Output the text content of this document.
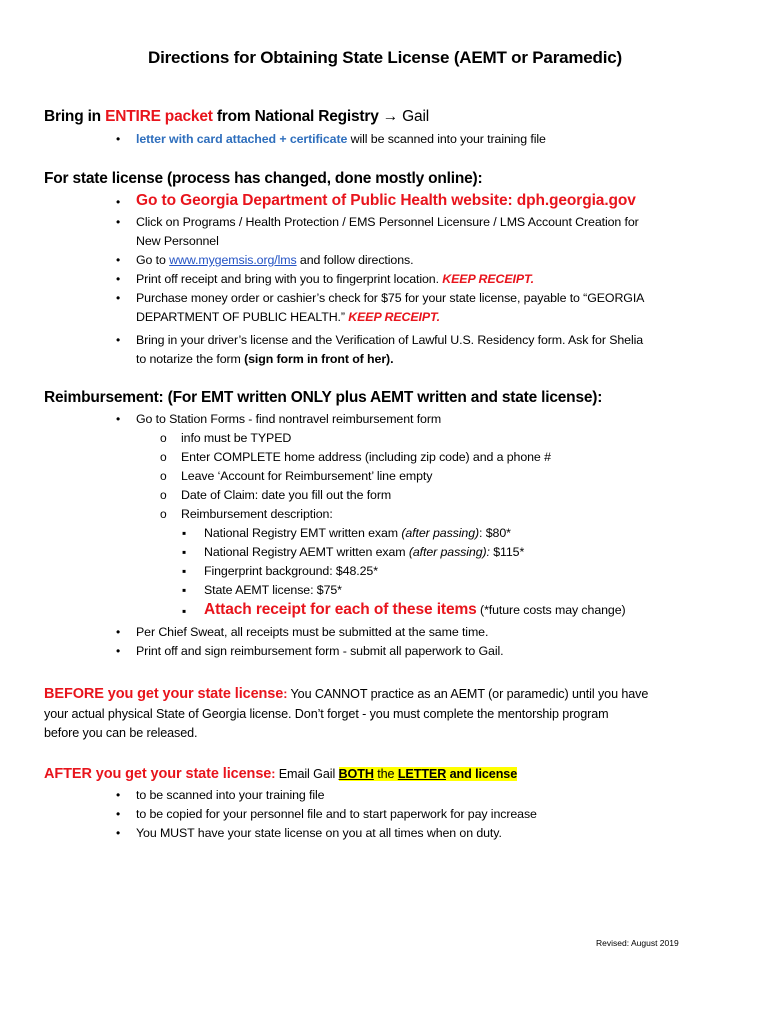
Directions for Obtaining State License (AEMT or Paramedic)
Bring in ENTIRE packet from National Registry → Gail
• letter with card attached + certificate will be scanned into your training file
For state license (process has changed, done mostly online):
• Go to Georgia Department of Public Health website: dph.georgia.gov
• Click on Programs / Health Protection / EMS Personnel Licensure / LMS Account Creation for
New Personnel
• Go to www.mygemsis.org/lms and follow directions.
• Print off receipt and bring with you to fingerprint location. KEEP RECEIPT.
• Purchase money order or cashier’s check for $75 for your state license, payable to “GEORGIA
DEPARTMENT OF PUBLIC HEALTH.” KEEP RECEIPT.
• Bring in your driver’s license and the Verification of Lawful U.S. Residency form. Ask for Shelia
to notarize the form (sign form in front of her).
Reimbursement: (For EMT written ONLY plus AEMT written and state license):
• Go to Station Forms - find nontravel reimbursement form
o info must be TYPED
o Enter COMPLETE home address (including zip code) and a phone #
o Leave ‘Account for Reimbursement’ line empty
o Date of Claim: date you fill out the form
o Reimbursement description:
▪ National Registry EMT written exam (after passing): $80*
▪ National Registry AEMT written exam (after passing): $115*
▪ Fingerprint background: $48.25*
▪ State AEMT license: $75*
▪ Attach receipt for each of these items (*future costs may change)
• Per Chief Sweat, all receipts must be submitted at the same time.
• Print off and sign reimbursement form - submit all paperwork to Gail.
BEFORE you get your state license: You CANNOT practice as an AEMT (or paramedic) until you have
your actual physical State of Georgia license. Don’t forget - you must complete the mentorship program
before you can be released.
AFTER you get your state license: Email Gail BOTH the LETTER and license
• to be scanned into your training file
• to be copied for your personnel file and to start paperwork for pay increase
• You MUST have your state license on you at all times when on duty.
Revised: August 2019
